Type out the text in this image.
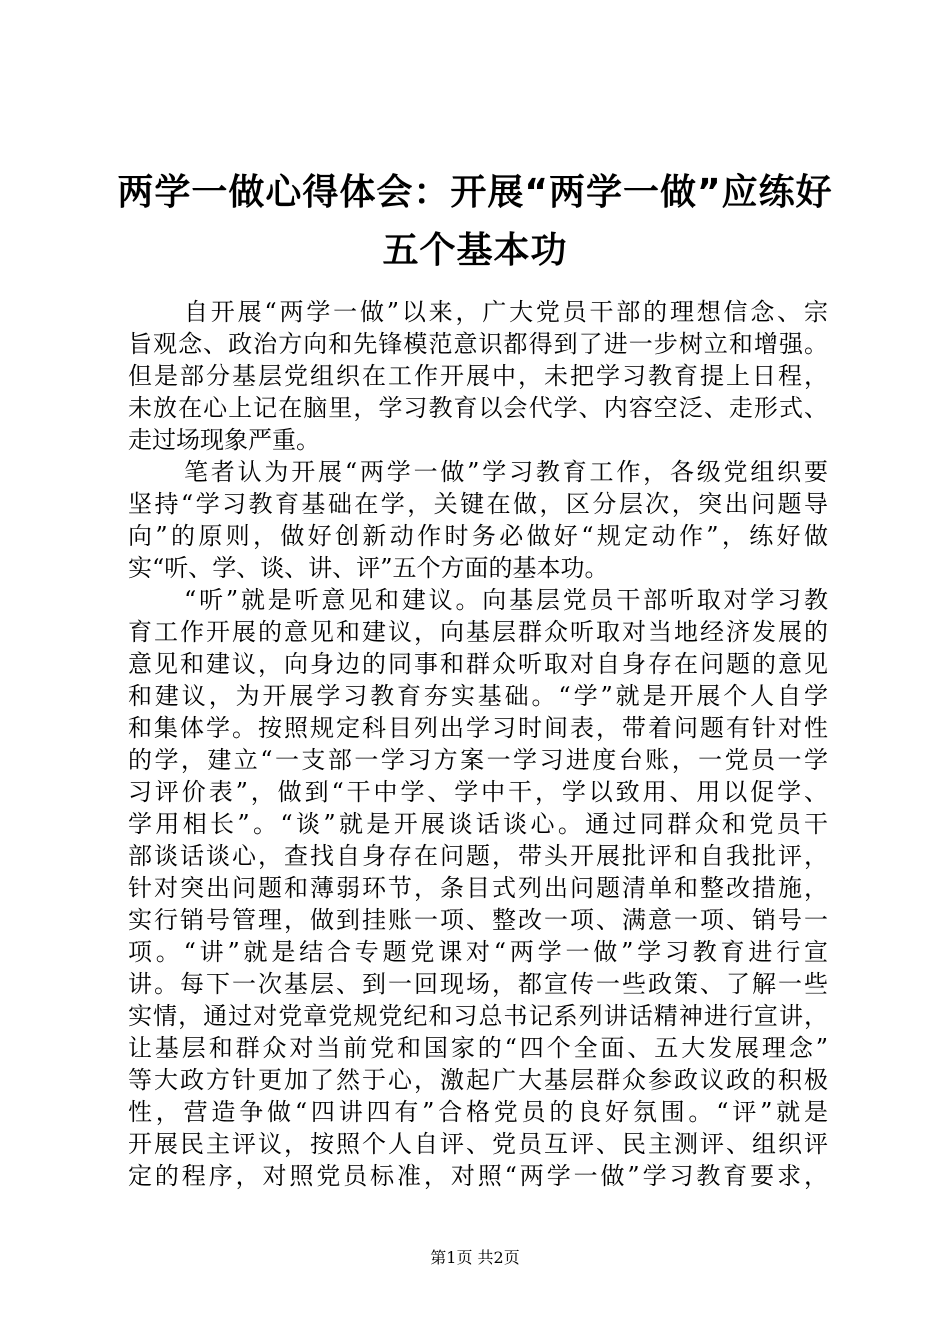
两学一做心得体会：开展“两学一做”应练好
五个基本功
自开展“两学一做”以来，广大党员干部的理想信念、宗
旨观念、政治方向和先锋模范意识都得到了进一步树立和增强。
但是部分基层党组织在工作开展中，未把学习教育提上日程，
未放在心上记在脑里，学习教育以会代学、内容空泛、走形式、
走过场现象严重。
笔者认为开展“两学一做”学习教育工作，各级党组织要
坚持“学习教育基础在学，关键在做，区分层次，突出问题导
向”的原则，做好创新动作时务必做好“规定动作”，练好做
实“听、学、谈、讲、评”五个方面的基本功。
“听”就是听意见和建议。向基层党员干部听取对学习教
育工作开展的意见和建议，向基层群众听取对当地经济发展的
意见和建议，向身边的同事和群众听取对自身存在问题的意见
和建议，为开展学习教育夯实基础。“学”就是开展个人自学
和集体学。按照规定科目列出学习时间表，带着问题有针对性
的学，建立“一支部一学习方案一学习进度台账，一党员一学
习评价表”，做到“干中学、学中干，学以致用、用以促学、
学用相长”。“谈”就是开展谈话谈心。通过同群众和党员干
部谈话谈心，查找自身存在问题，带头开展批评和自我批评，
针对突出问题和薄弱环节，条目式列出问题清单和整改措施，
实行销号管理，做到挂账一项、整改一项、满意一项、销号一
项。“讲”就是结合专题党课对“两学一做”学习教育进行宣
讲。每下一次基层、到一回现场，都宣传一些政策、了解一些
实情，通过对党章党规党纪和习总书记系列讲话精神进行宣讲，
让基层和群众对当前党和国家的“四个全面、五大发展理念”
等大政方针更加了然于心，激起广大基层群众参政议政的积极
性，营造争做“四讲四有”合格党员的良好氛围。“评”就是
开展民主评议，按照个人自评、党员互评、民主测评、组织评
定的程序，对照党员标准，对照“两学一做”学习教育要求，
第1页 共2页
